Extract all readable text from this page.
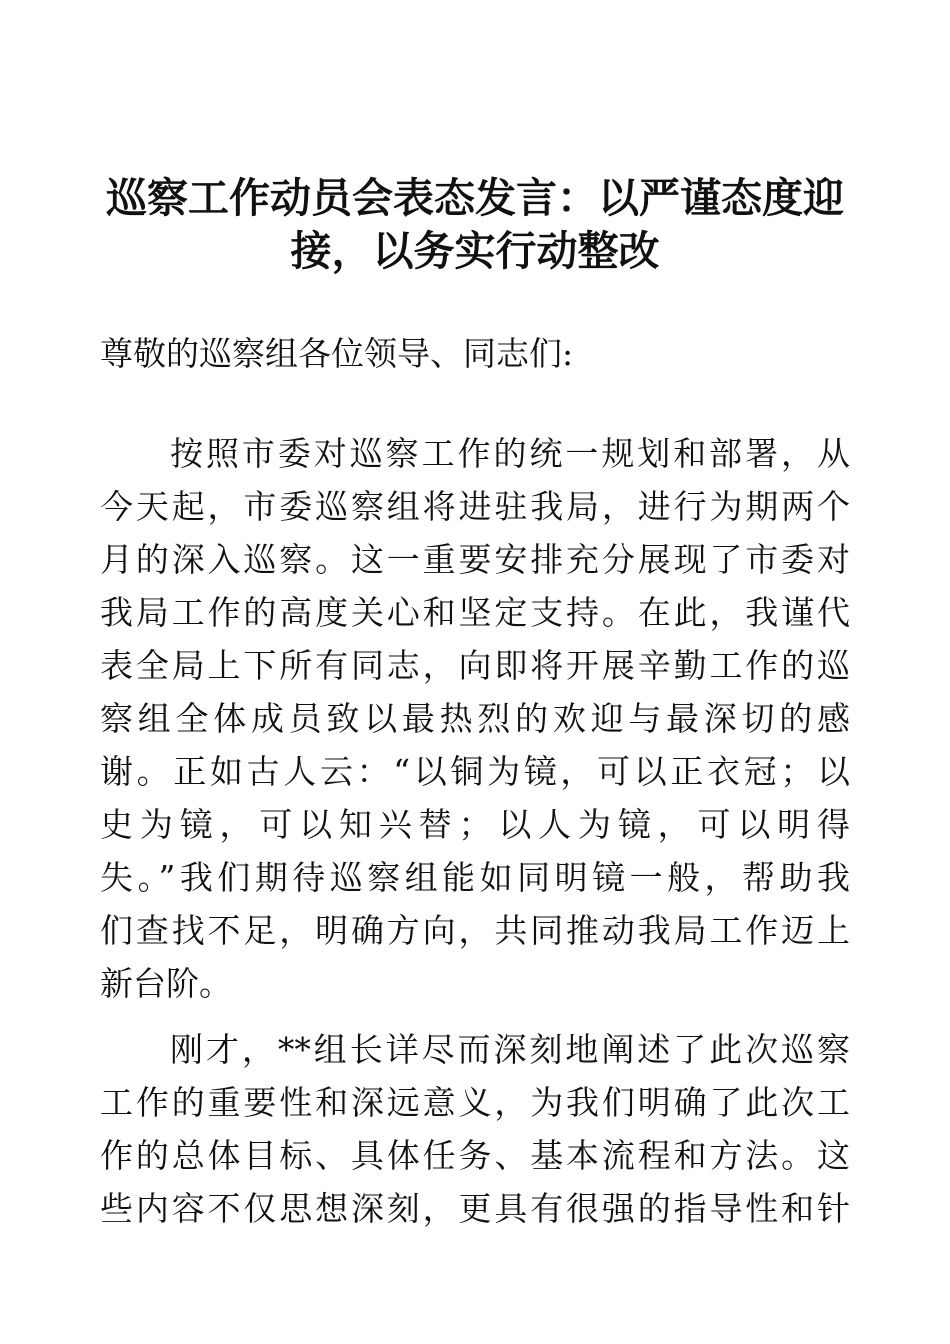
巡察工作动员会表态发言：以严谨态度迎
接，以务实行动整改

尊敬的巡察组各位领导、同志们:

按照市委对巡察工作的统一规划和部署，从
今天起，市委巡察组将进驻我局，进行为期两个
月的深入巡察。这一重要安排充分展现了市委对
我局工作的高度关心和坚定支持。在此，我谨代
表全局上下所有同志，向即将开展辛勤工作的巡
察组全体成员致以最热烈的欢迎与最深切的感
谢。正如古人云：“以铜为镜，可以正衣冠；以
史为镜，可以知兴替；以人为镜，可以明得
失。”我们期待巡察组能如同明镜一般，帮助我
们查找不足，明确方向，共同推动我局工作迈上
新台阶。
刚才，**组长详尽而深刻地阐述了此次巡察
工作的重要性和深远意义，为我们明确了此次工
作的总体目标、具体任务、基本流程和方法。这
些内容不仅思想深刻，更具有很强的指导性和针
